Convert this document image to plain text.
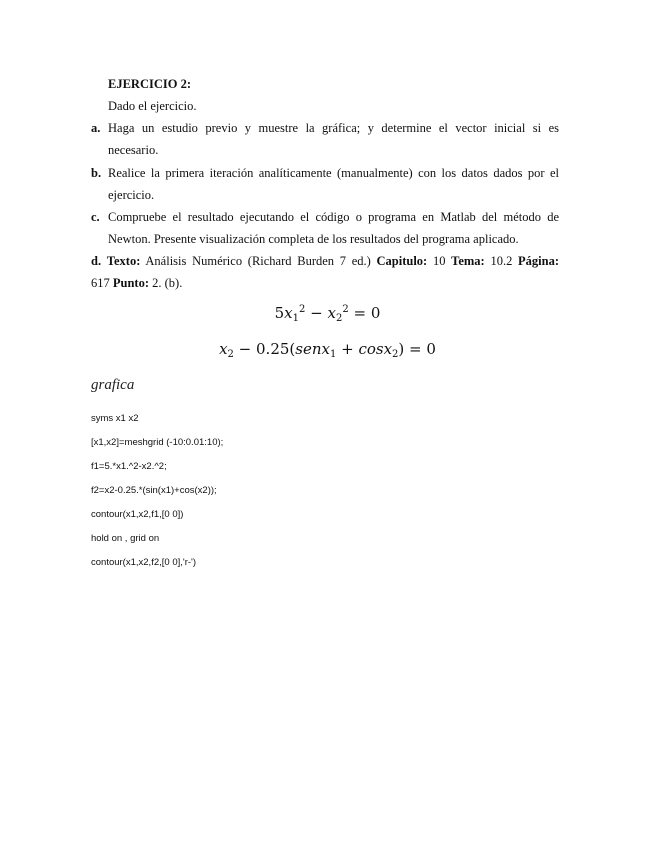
EJERCICIO 2:
Dado el ejercicio.
a. Haga un estudio previo y muestre la gráfica; y determine el vector inicial si es
necesario.
b. Realice la primera iteración analíticamente (manualmente) con los datos dados por el
ejercicio.
c. Compruebe el resultado ejecutando el código o programa en Matlab del método de
Newton. Presente visualización completa de los resultados del programa aplicado.
d. Texto: Análisis Numérico (Richard Burden 7 ed.) Capitulo: 10 Tema: 10.2 Página:
617 Punto: 2. (b).
$5x_1^2 - x_2^2 = 0$
$x_2$ − 0.25(senx$_1$ + cosx$_2$) = 0
grafica
syms x1 x2
[x1,x2]=meshgrid (-10:0.01:10);
f1=5.*x1.^2-x2.^2;
f2=x2-0.25.*(sin(x1)+cos(x2));
contour(x1,x2,f1,[0 0])
hold on , grid on
contour(x1,x2,f2,[0 0],'r-')
